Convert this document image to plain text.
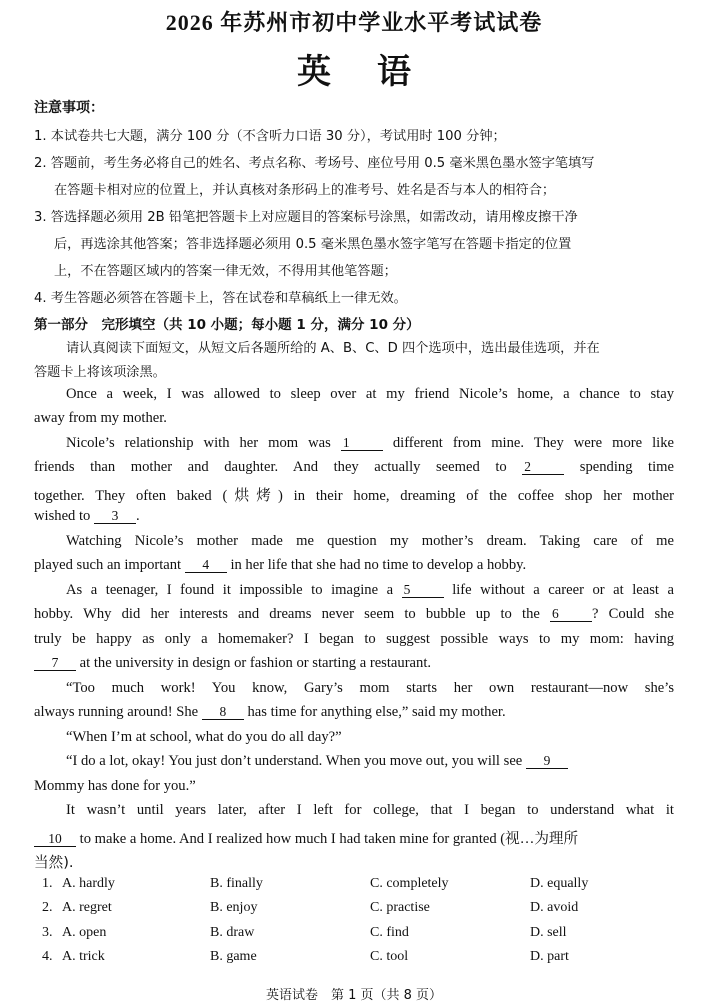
2026 年苏州市初中学业水平考试试卷
英语
注意事项：
1. 本试卷共七大题，满分 100 分（不含听力口语 30 分），考试用时 100 分钟；
2. 答题前，考生务必将自己的姓名、考点名称、考场号、座位号用 0.5 毫米黑色墨水签字笔填写
在答题卡相对应的位置上，并认真核对条形码上的准考号、姓名是否与本人的相符合；
3. 答选择题必须用 2B 铅笔把答题卡上对应题目的答案标号涂黑，如需改动，请用橡皮擦干净
后，再选涂其他答案；答非选择题必须用 0.5 毫米黑色墨水签字笔写在答题卡指定的位置
上，不在答题区域内的答案一律无效，不得用其他笔答题；
4. 考生答题必须答在答题卡上，答在试卷和草稿纸上一律无效。
第一部分　完形填空（共 10 小题；每小题 1 分，满分 10 分）
请认真阅读下面短文，从短文后各题所给的 A、B、C、D 四个选项中，选出最佳选项，并在
答题卡上将该项涂黑。
Once a week, I was allowed to sleep over at my friend Nicole’s home, a chance to stay
away from my mother.
Nicole’s relationship with her mom was 1	different from mine. They were more like
friends than mother and daughter. And they actually seemed to 2	spending time
together. They often baked (烘烤) in their home, dreaming of the coffee shop her mother
wished to 3 .
Watching Nicole’s mother made me question my mother’s dream. Taking care of me
played such an important 4 in her life that she had no time to develop a hobby.
As a teenager, I found it impossible to imagine a 5	life without a career or at least a
hobby. Why did her interests and dreams never seem to bubble up to the 6 ? Could she
truly be happy as only a homemaker? I began to suggest possible ways to my mom: having
7 at the university in design or fashion or starting a restaurant.
“Too much work! You know, Gary’s mom starts her own restaurant—now she’s
always running around! She 8 has time for anything else,” said my mother.
“When I’m at school, what do you do all day?”
“I do a lot, okay! You just don’t understand. When you move out, you will see 9
Mommy has done for you.”
It wasn’t until years later, after I left for college, that I began to understand what it
10 to make a home. And I realized how much I had taken mine for granted (视…为理所
当然).
1. A. hardly	B. finally	C. completely	D. equally
2. A. regret	B. enjoy	C. practise	D. avoid
3. A. open	B. draw	C. find	D. sell
4. A. trick	B. game	C. tool	D. part
英语试卷　第 1 页（共 8 页）
